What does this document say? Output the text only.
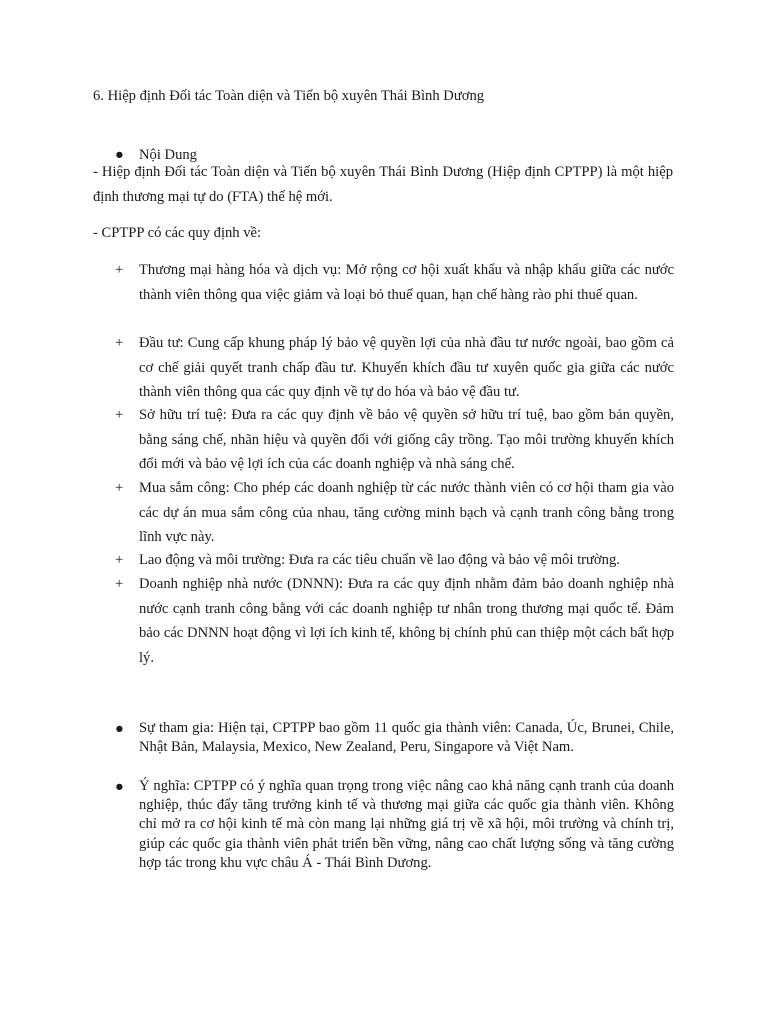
6. Hiệp định Đối tác Toàn diện và Tiến bộ xuyên Thái Bình Dương
● Nội Dung
- Hiệp định Đối tác Toàn diện và Tiến bộ xuyên Thái Bình Dương (Hiệp định CPTPP) là một hiệp định thương mại tự do (FTA) thế hệ mới.
- CPTPP có các quy định về:
+	Thương mại hàng hóa và dịch vụ: Mở rộng cơ hội xuất khẩu và nhập khẩu giữa các nước thành viên thông qua việc giảm và loại bỏ thuế quan, hạn chế hàng rào phi thuế quan.
+	Đầu tư: Cung cấp khung pháp lý bảo vệ quyền lợi của nhà đầu tư nước ngoài, bao gồm cả cơ chế giải quyết tranh chấp đầu tư. Khuyến khích đầu tư xuyên quốc gia giữa các nước thành viên thông qua các quy định về tự do hóa và bảo vệ đầu tư.
+	Sở hữu trí tuệ: Đưa ra các quy định về bảo vệ quyền sở hữu trí tuệ, bao gồm bản quyền, bằng sáng chế, nhãn hiệu và quyền đối với giống cây trồng. Tạo môi trường khuyến khích đổi mới và bảo vệ lợi ích của các doanh nghiệp và nhà sáng chế.
+	Mua sắm công: Cho phép các doanh nghiệp từ các nước thành viên có cơ hội tham gia vào các dự án mua sắm công của nhau, tăng cường minh bạch và cạnh tranh công bằng trong lĩnh vực này.
+	Lao động và môi trường: Đưa ra các tiêu chuẩn về lao động và bảo vệ môi trường.
+	Doanh nghiệp nhà nước (DNNN): Đưa ra các quy định nhằm đảm bảo doanh nghiệp nhà nước cạnh tranh công bằng với các doanh nghiệp tư nhân trong thương mại quốc tế. Đảm bảo các DNNN hoạt động vì lợi ích kinh tế, không bị chính phủ can thiệp một cách bất hợp lý.
●	Sự tham gia: Hiện tại, CPTPP bao gồm 11 quốc gia thành viên: Canada, Úc, Brunei, Chile, Nhật Bản, Malaysia, Mexico, New Zealand, Peru, Singapore và Việt Nam.
●	Ý nghĩa: CPTPP có ý nghĩa quan trọng trong việc nâng cao khả năng cạnh tranh của doanh nghiệp, thúc đẩy tăng trưởng kinh tế và thương mại giữa các quốc gia thành viên. Không chỉ mở ra cơ hội kinh tế mà còn mang lại những giá trị về xã hội, môi trường và chính trị, giúp các quốc gia thành viên phát triển bền vững, nâng cao chất lượng sống và tăng cường hợp tác trong khu vực châu Á - Thái Bình Dương.
